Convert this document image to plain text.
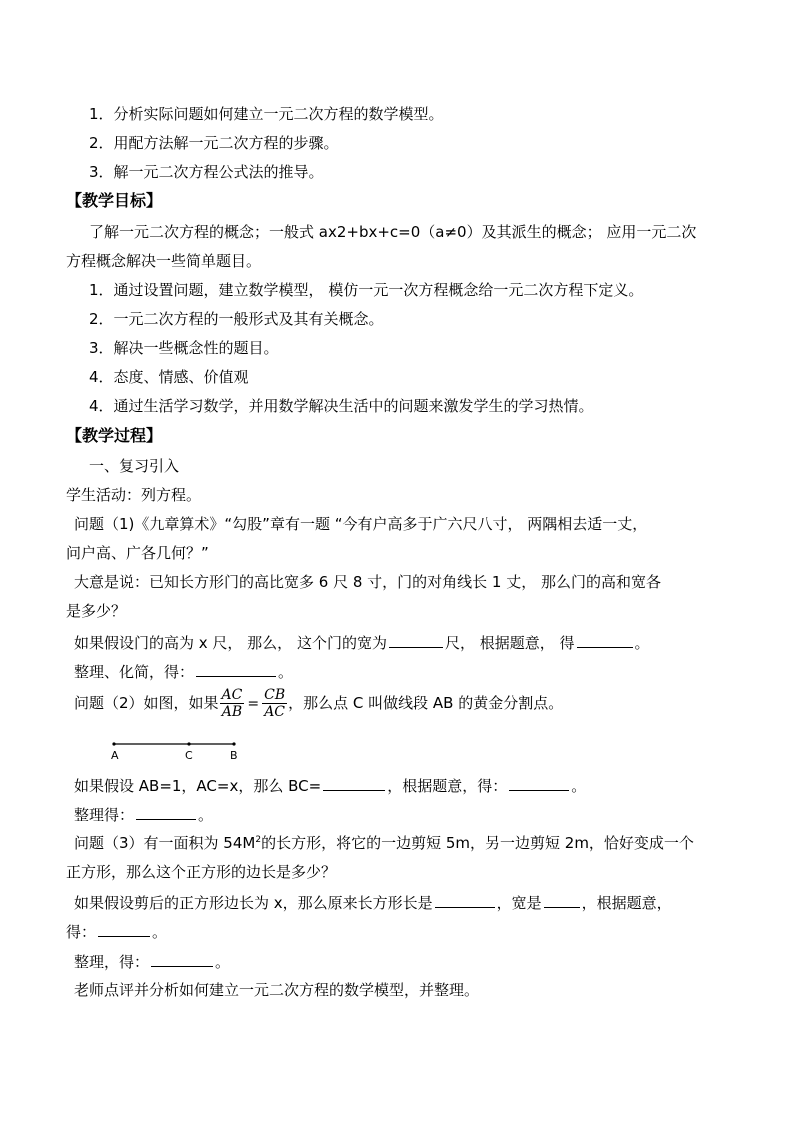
1．分析实际问题如何建立一元二次方程的数学模型。
2．用配方法解一元二次方程的步骤。
3．解一元二次方程公式法的推导。
【教学目标】
了解一元二次方程的概念；一般式 ax2+bx+c=0（a≠0）及其派生的概念； 应用一元二次
方程概念解决一些简单题目。
1．通过设置问题，建立数学模型， 模仿一元一次方程概念给一元二次方程下定义。
2．一元二次方程的一般形式及其有关概念。
3．解决一些概念性的题目。
4．态度、情感、价值观
4．通过生活学习数学，并用数学解决生活中的问题来激发学生的学习热情。
【教学过程】
一、复习引入
学生活动：列方程。
问题（1)《九章算术》“勾股”章有一题 “今有户高多于广六尺八寸， 两隅相去适一丈，
问户高、广各几何？”
大意是说：已知长方形门的高比宽多 6 尺 8 寸，门的对角线长 1 丈， 那么门的高和宽各
是多少？
如果假设门的高为 x 尺， 那么， 这个门的宽为	尺， 根据题意， 得	。
整理、化简，得：	。
问题（2）如图，如果 $\frac{AC}{AB} = \frac{CB}{AC}$ ，那么点 C 叫做线段 AB 的黄金分割点。
A	C	B
如果假设 AB=1，AC=x，那么 BC=	，根据题意，得：	。
整理得：	。
问题（3）有一面积为 $54M^2$的长方形，将它的一边剪短 5m，另一边剪短 2m，恰好变成一个
正方形，那么这个正方形的边长是多少？
如果假设剪后的正方形边长为 x，那么原来长方形长是	，宽是	，根据题意，
得：	。
整理，得：	。
老师点评并分析如何建立一元二次方程的数学模型，并整理。
